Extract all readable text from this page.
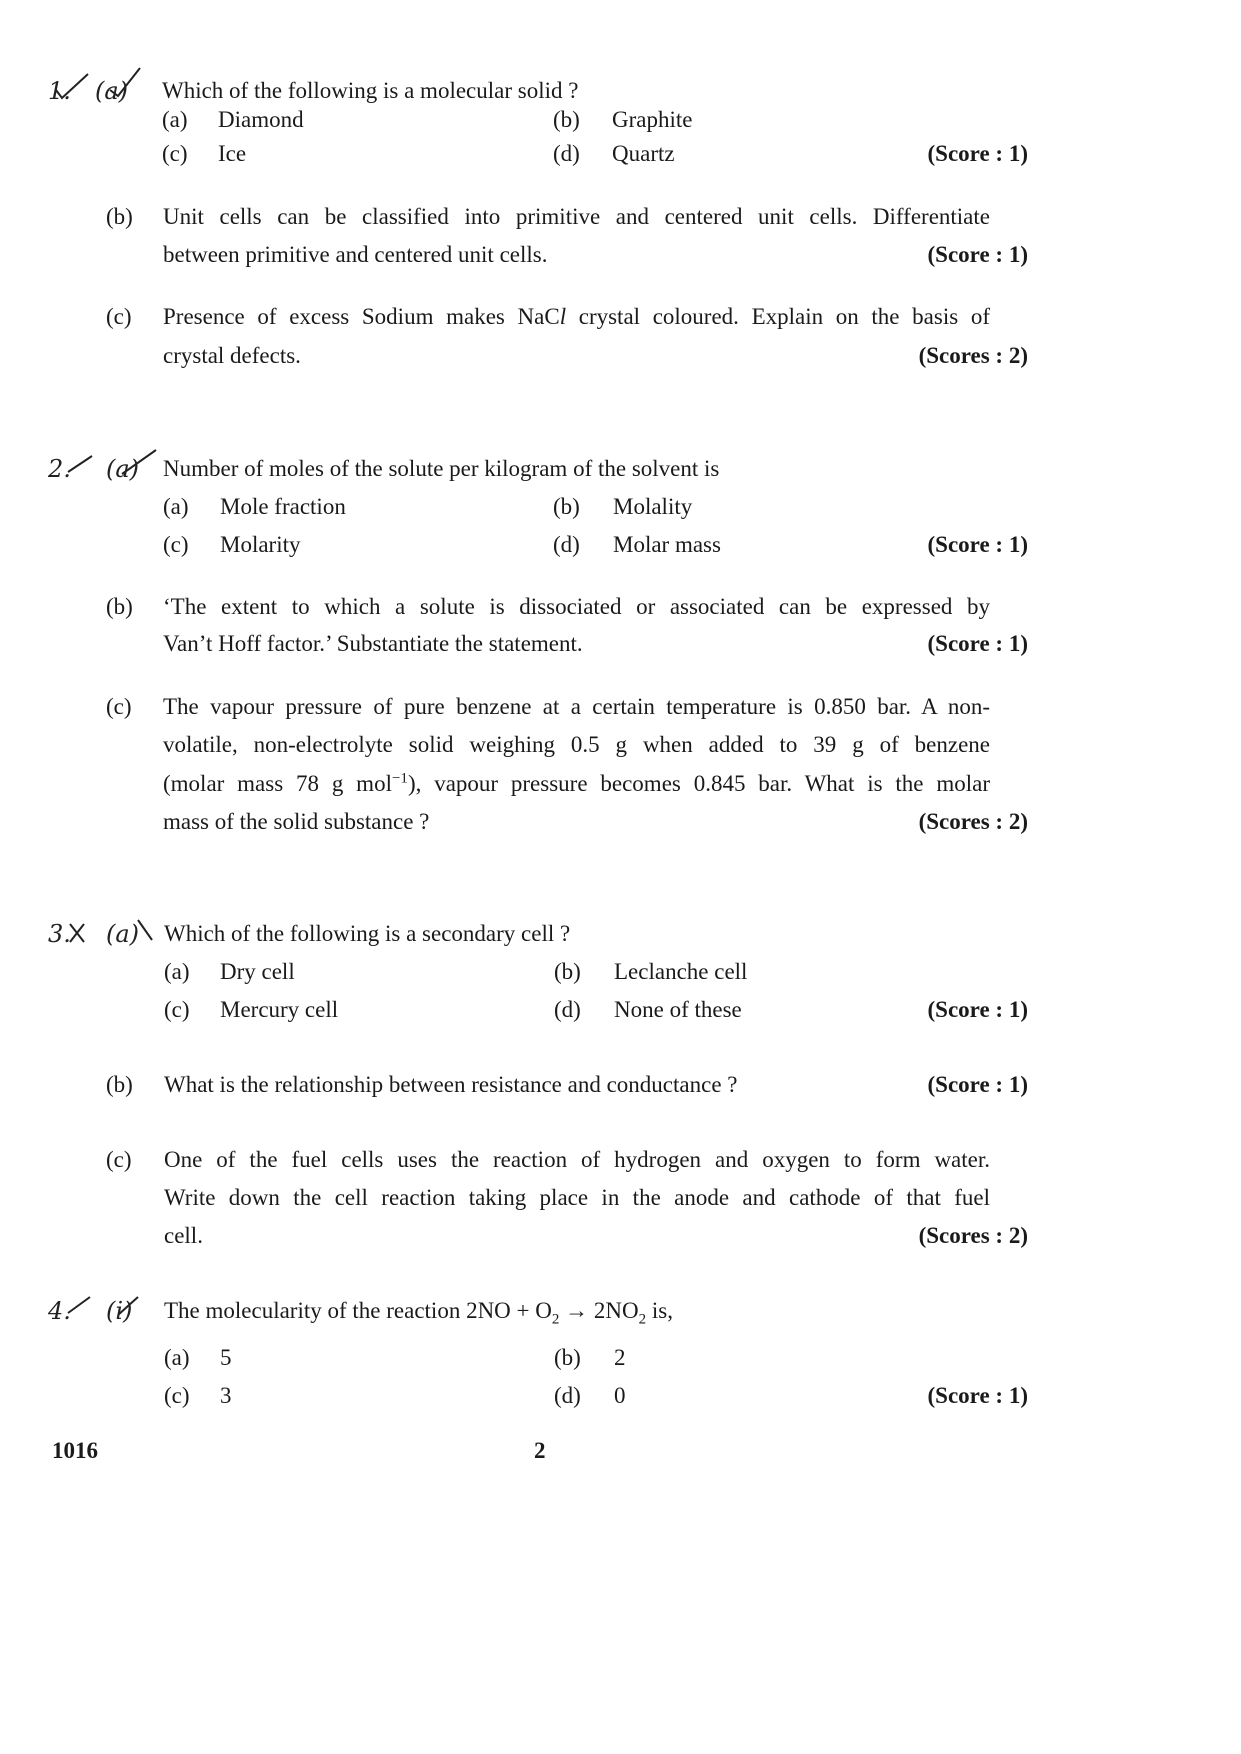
1. (a) Which of the following is a molecular solid ?
(a) Diamond	(b) Graphite
(c) Ice	(d) Quartz	(Score : 1)
(b) Unit cells can be classified into primitive and centered unit cells. Differentiate
between primitive and centered unit cells.	(Score : 1)
(c) Presence of excess Sodium makes NaCl crystal coloured. Explain on the basis of
crystal defects.	(Scores : 2)
2. (a) Number of moles of the solute per kilogram of the solvent is
(a) Mole fraction	(b) Molality
(c) Molarity	(d) Molar mass	(Score : 1)
(b) ‘The extent to which a solute is dissociated or associated can be expressed by
Van’t Hoff factor.’ Substantiate the statement.	(Score : 1)
(c) The vapour pressure of pure benzene at a certain temperature is 0.850 bar. A non-
volatile, non-electrolyte solid weighing 0.5 g when added to 39 g of benzene
(molar mass 78 g mol$^{-1}$), vapour pressure becomes 0.845 bar. What is the molar
mass of the solid substance ?	(Scores : 2)
3. (a) Which of the following is a secondary cell ?
(a) Dry cell	(b) Leclanche cell
(c) Mercury cell	(d) None of these	(Score : 1)
(b) What is the relationship between resistance and conductance ?	(Score : 1)
(c) One of the fuel cells uses the reaction of hydrogen and oxygen to form water.
Write down the cell reaction taking place in the anode and cathode of that fuel
cell.	(Scores : 2)
4. (i) The molecularity of the reaction $2NO + O_2 \to 2NO_2$ is,
(a) 5	(b) 2
(c) 3	(d) 0	(Score : 1)
1016	2
